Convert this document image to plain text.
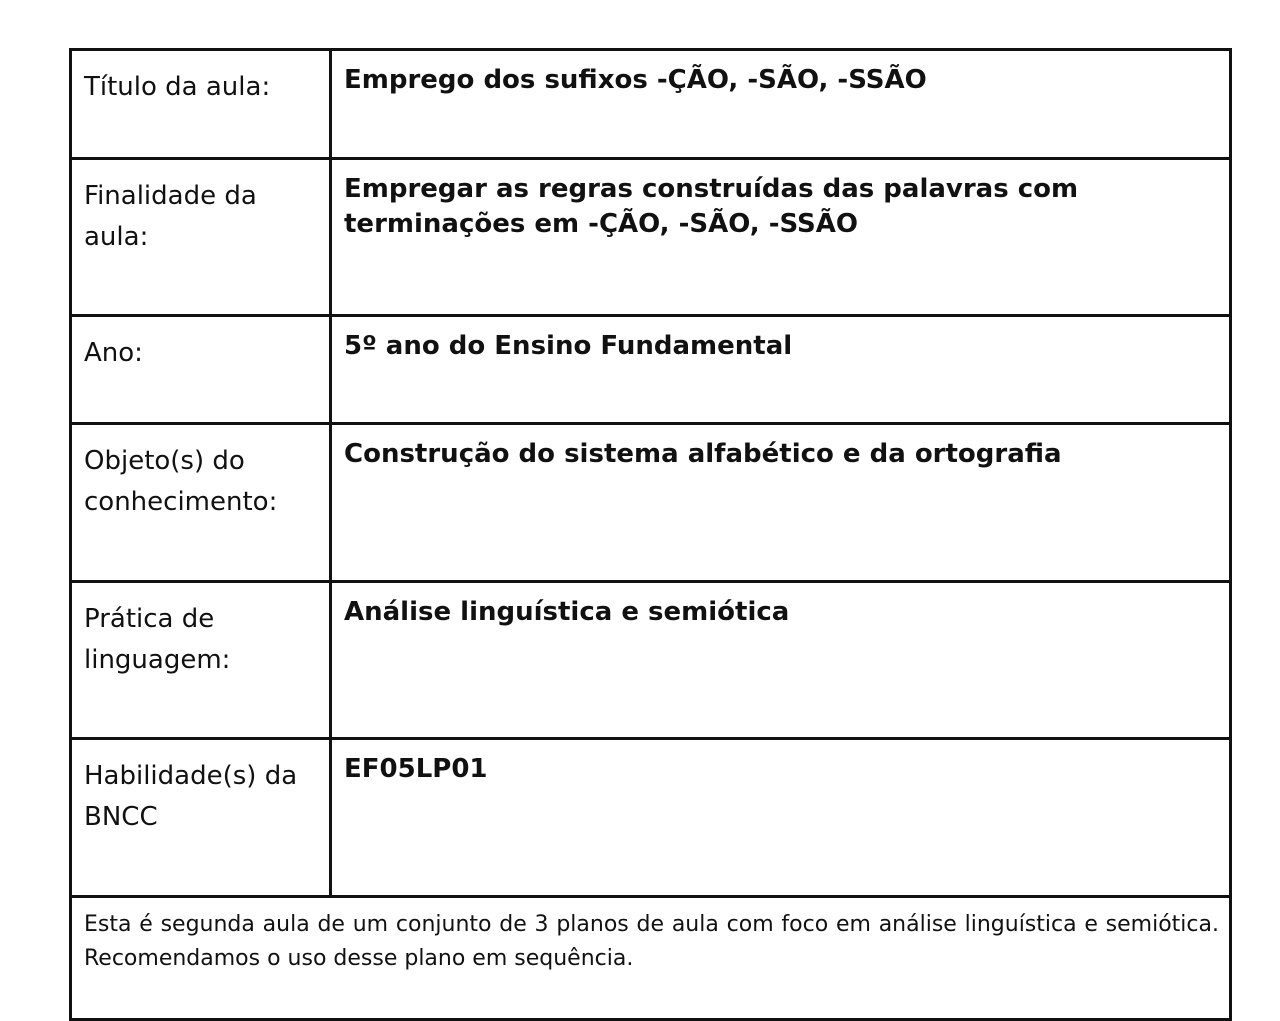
Título da aula:	Emprego dos sufixos -ÇÃO, -SÃO, -SSÃO
Finalidade da aula:	Empregar as regras construídas das palavras com terminações em -ÇÃO, -SÃO, -SSÃO
Ano:	5º ano do Ensino Fundamental
Objeto(s) do conhecimento:	Construção do sistema alfabético e da ortografia
Prática de linguagem:	Análise linguística e semiótica
Habilidade(s) da BNCC	EF05LP01

Esta é segunda aula de um conjunto de 3 planos de aula com foco em análise linguística e semiótica. Recomendamos o uso desse plano em sequência.	
